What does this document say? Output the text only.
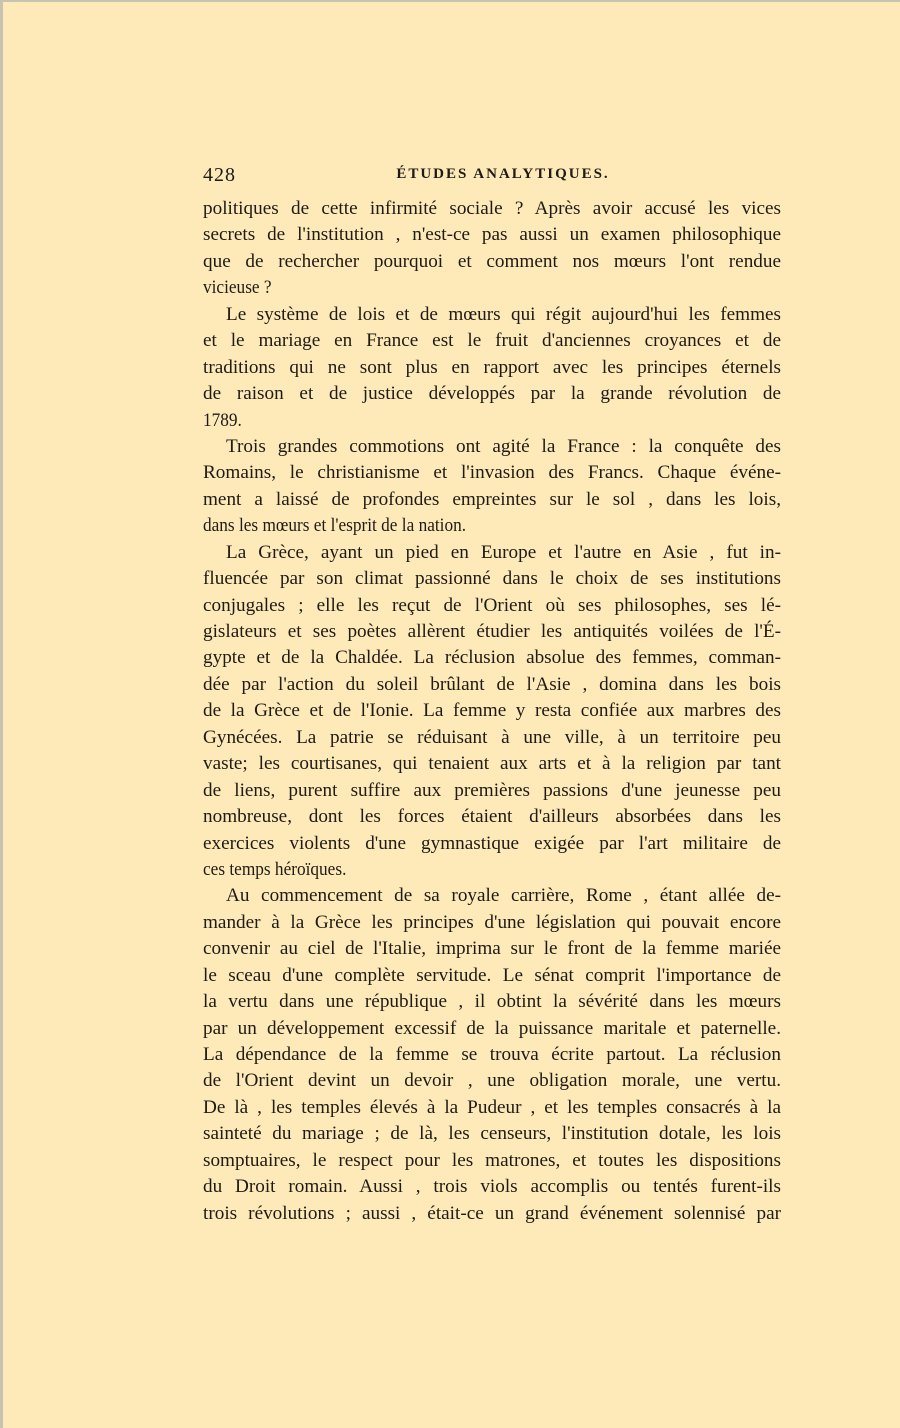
428	ÉTUDES ANALYTIQUES.
politiques de cette infirmité sociale ? Après avoir accusé les vices
secrets de l'institution , n'est-ce pas aussi un examen philosophique
que de rechercher pourquoi et comment nos mœurs l'ont rendue
vicieuse ?
Le système de lois et de mœurs qui régit aujourd'hui les femmes
et le mariage en France est le fruit d'anciennes croyances et de
traditions qui ne sont plus en rapport avec les principes éternels
de raison et de justice développés par la grande révolution de
1789.
Trois grandes commotions ont agité la France : la conquête des
Romains, le christianisme et l'invasion des Francs. Chaque événe-
ment a laissé de profondes empreintes sur le sol , dans les lois,
dans les mœurs et l'esprit de la nation.
La Grèce, ayant un pied en Europe et l'autre en Asie , fut in-
fluencée par son climat passionné dans le choix de ses institutions
conjugales ; elle les reçut de l'Orient où ses philosophes, ses lé-
gislateurs et ses poètes allèrent étudier les antiquités voilées de l'É-
gypte et de la Chaldée. La réclusion absolue des femmes, comman-
dée par l'action du soleil brûlant de l'Asie , domina dans les bois
de la Grèce et de l'Ionie. La femme y resta confiée aux marbres des
Gynécées. La patrie se réduisant à une ville, à un territoire peu
vaste; les courtisanes, qui tenaient aux arts et à la religion par tant
de liens, purent suffire aux premières passions d'une jeunesse peu
nombreuse, dont les forces étaient d'ailleurs absorbées dans les
exercices violents d'une gymnastique exigée par l'art militaire de
ces temps héroïques.
Au commencement de sa royale carrière, Rome , étant allée de-
mander à la Grèce les principes d'une législation qui pouvait encore
convenir au ciel de l'Italie, imprima sur le front de la femme mariée
le sceau d'une complète servitude. Le sénat comprit l'importance de
la vertu dans une république , il obtint la sévérité dans les mœurs
par un développement excessif de la puissance maritale et paternelle.
La dépendance de la femme se trouva écrite partout. La réclusion
de l'Orient devint un devoir , une obligation morale, une vertu.
De là , les temples élevés à la Pudeur , et les temples consacrés à la
sainteté du mariage ; de là, les censeurs, l'institution dotale, les lois
somptuaires, le respect pour les matrones, et toutes les dispositions
du Droit romain. Aussi , trois viols accomplis ou tentés furent-ils
trois révolutions ; aussi , était-ce un grand événement solennisé par
